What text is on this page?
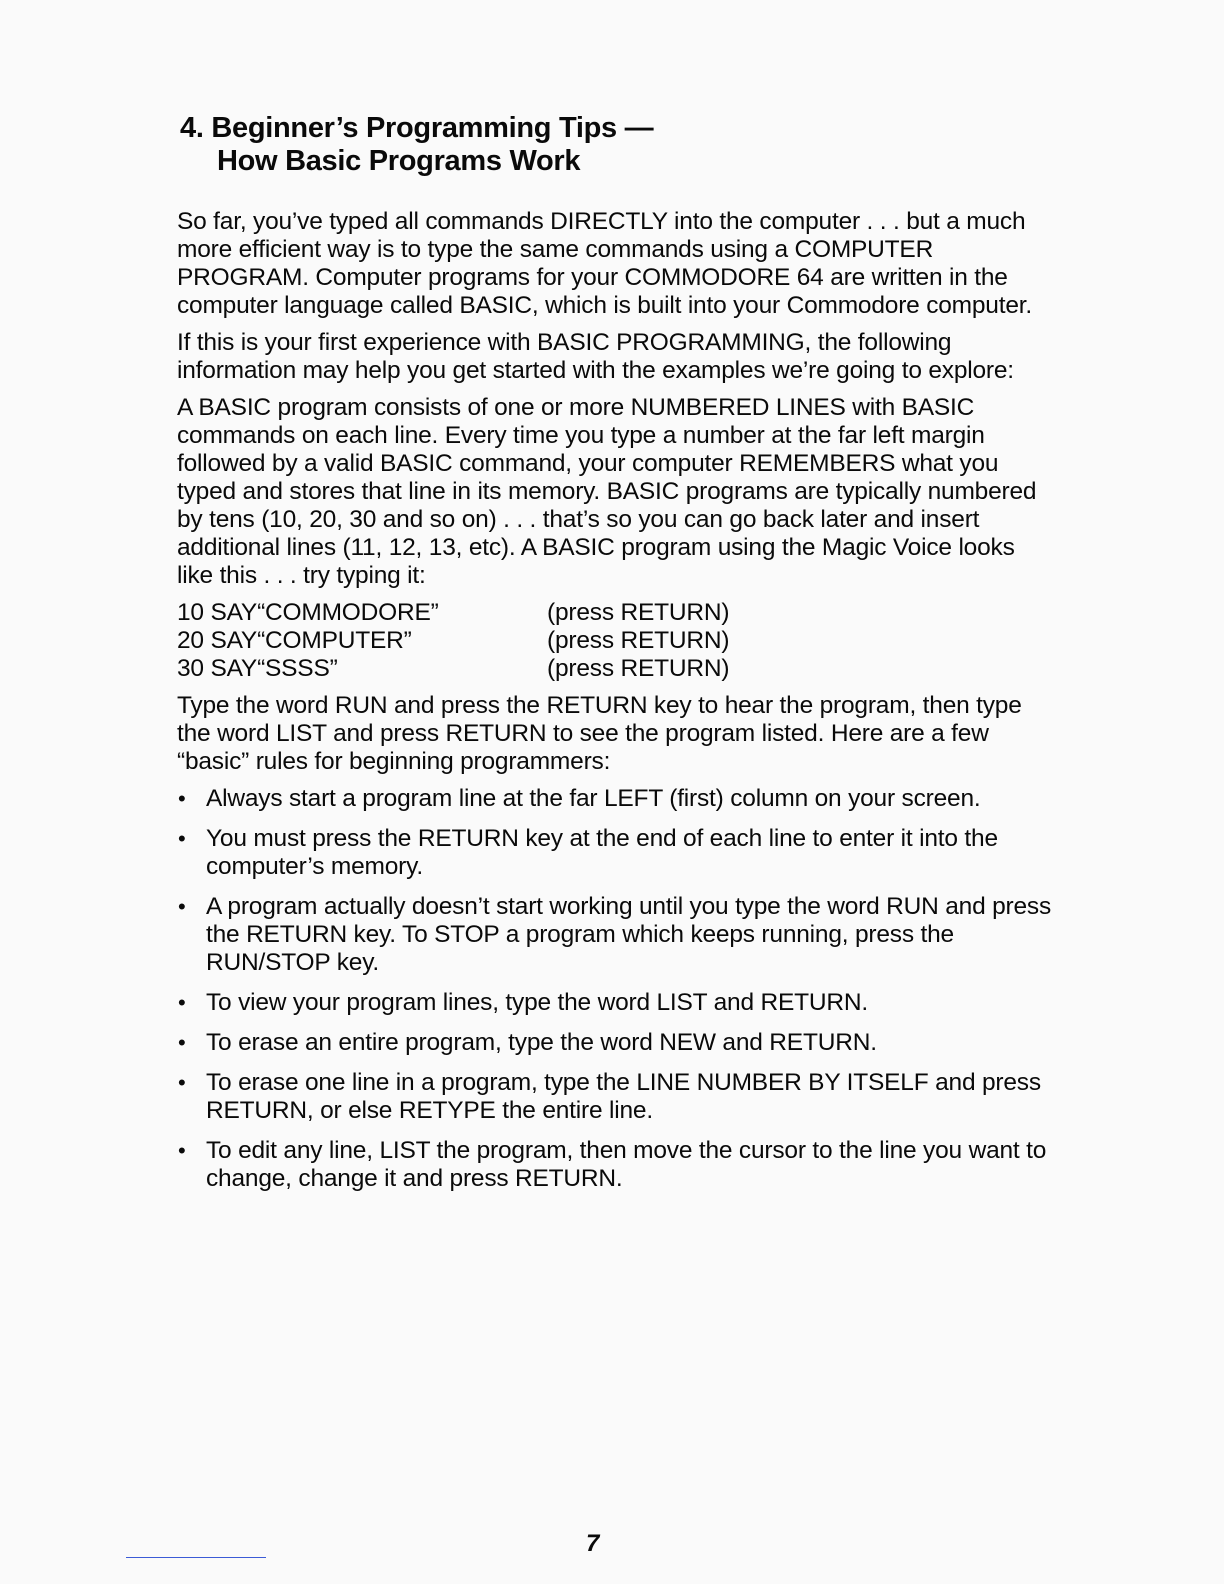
4. Beginner’s Programming Tips —
How Basic Programs Work

So far, you’ve typed all commands DIRECTLY into the computer . . . but a much more efficient way is to type the same commands using a COMPUTER PROGRAM. Computer programs for your COMMODORE 64 are written in the computer language called BASIC, which is built into your Commodore computer.

If this is your first experience with BASIC PROGRAMMING, the following information may help you get started with the examples we’re going to explore:

A BASIC program consists of one or more NUMBERED LINES with BASIC commands on each line. Every time you type a number at the far left margin followed by a valid BASIC command, your computer REMEMBERS what you typed and stores that line in its memory. BASIC programs are typically numbered by tens (10, 20, 30 and so on) . . . that’s so you can go back later and insert additional lines (11, 12, 13, etc). A BASIC program using the Magic Voice looks like this . . . try typing it:

10 SAY“COMMODORE”	(press RETURN)
20 SAY“COMPUTER”	(press RETURN)
30 SAY“SSSS”	(press RETURN)

Type the word RUN and press the RETURN key to hear the program, then type the word LIST and press RETURN to see the program listed. Here are a few “basic” rules for beginning programmers:

• Always start a program line at the far LEFT (first) column on your screen.
• You must press the RETURN key at the end of each line to enter it into the computer’s memory.
• A program actually doesn’t start working until you type the word RUN and press the RETURN key. To STOP a program which keeps running, press the RUN/STOP key.
• To view your program lines, type the word LIST and RETURN.
• To erase an entire program, type the word NEW and RETURN.
• To erase one line in a program, type the LINE NUMBER BY ITSELF and press RETURN, or else RETYPE the entire line.
• To edit any line, LIST the program, then move the cursor to the line you want to change, change it and press RETURN.
7
